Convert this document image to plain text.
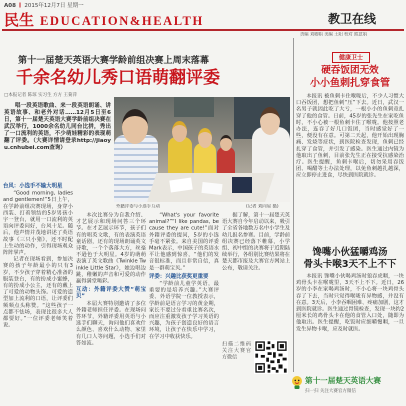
A08 2015年12月7日 星期一
民生 EDUCATION&HEALTH	教卫在线
责编 刘卿娟 美编 王阳 校对 熊意娟
第十一届楚天英语大赛学龄前组决赛上周末落幕
千余名幼儿秀口语萌翻评委
□本报记者 陈琼 实习生 方方 王菊萍

唱一段英语歌曲、来一段英语朗诵、讲英语故事、和老外对话……12月5日至6日，第十一届楚天英语大赛学龄前组决赛在武汉举行，1000余名幼儿同台比拼，秀出了一口流利的英语，不少萌娃精彩的表现萌翻了评委。（大赛详情请登录http://jiaoyu.cnhubei.com查询）

外籍评委与小选手互动	(记者 刘向星 摄)
台风：小选手不输大明星

“Good morning, ladies and gentlemen!”5日上午，在学龄前组决赛现场，身穿小西装、打着领结的5岁男孩小宇一登台，就用一口流利的英语向评委问好，台风十足。随后，他声情并茂地讲述了英语故事《三只小猪》，还不时配上生动的动作，引得现场观众阵阵掌声。

记者在现场看到，参加决赛的孩子年龄最小的只有3岁，不少孩子穿着精心准备的服装登台，有的扮成小蜜蜂，有的扮成小公主，还有的戴上了可爱的动物头饰。可爱的造型加上流利的口语，让评委们频频点头称赞。“这些孩子一点都不怯场，表现比很多大人都要好。”一位评委老师笑着说。

本次比赛分为自我介绍、才艺展示和现场问答三个环节。在才艺展示环节，孩子们有的唱英文歌，有的表演英语童话剧，还有的现场朗诵英文诗歌，一个个落落大方，丝毫不逊色于大明星。4岁的萌萌表演了英文歌曲《Twinkle Twinkle Little Star》，她边唱边跳，稚嫩的声音和可爱的动作赢得满堂喝彩。

互动：外籍评委大赞“萌宝贝”

本届大赛特别邀请了多位外籍老师担任评委。在现场问答环节，外籍评委用英语与小选手们聊天，询问他们喜欢什么颜色、喜欢什么动物、家里有几口人等问题，小选手们对答如流。

“What's your favorite animal?”“I like pandas, because they are cute!”面对外籍评委的提问，5岁的小选手毫不紧张。来自美国的评委Mark表示，中国孩子的英语水平让他感到惊喜，“他们的发音很标准，而且非常自信，真是一群萌宝贝。”

评委：兴趣比获奖更重要

“学龄前儿童学英语，最重要的是培养兴趣。”大赛评委、外语学院一位教授表示，学龄前是语言学习的黄金期，家长不要过分看重比赛名次，而应注重激发孩子学习英语的兴趣，为孩子创造良好的语言环境，让孩子在快乐中学习，在学习中收获快乐。

据了解，第十一届楚天英语大赛自今年启动以来，吸引了全省各地数万名中小学生及幼儿报名参赛。目前，学龄前组决赛已经落下帷幕，小学组、初中组的决赛将于近期陆续举行，各组别比赛结果将在楚天都市报及大赛官方网站上公布，敬请关注。

扫描二维码关注大赛官方微信
健康卫士
硬吞饭团无效
小小鱼刺扎穿食管

本报讯 被鱼刺卡住喉咙后，不少人习惯大口吞饭团，想把鱼刺“压”下去。近日，武汉一名男子就因此吃了大亏，一根小小的鱼刺竟扎穿了他的食管。日前，45岁的张先生在家吃鱼时，不小心被一根鱼刺卡住了喉咙。他按照老办法，连吞了好几口饭团，当时感觉好了一些，便没有在意。可第二天起，他开始出现胸痛、发烧等症状，到医院检查发现，鱼刺已经扎穿了食管，并引发了感染。医生通过内镜为他取出了鱼刺，目前张先生正在接受抗感染治疗。医生提醒，鱼刺卡喉后，切勿采用吞饭团、喝醋等土办法处理，以免鱼刺越扎越深，应立即停止进食，尽快到医院就诊。

馋嘴小伙猛嚼鸡汤
骨头卡喉3天不上不下

本报讯 馋嘴小伙喝鸡汤时狼吞虎咽，一块鸡骨头卡在喉咙里，3天不上不下。近日，26岁的小李在家喝鸡汤时，不小心将一块鸡骨头吞了下去，当时只觉得喉咙有异物感，并没有在意。3天后，小李吞咽困难、疼痛加剧，这才到医院就诊。医生通过胃镜检查，发现一块约2厘米长的鸡骨头卡在他的食管入口处，随即为他取出。医生提醒，吃饭时应细嚼慢咽，一旦发生异物卡喉，应及时就医。

第十一届楚天英语大赛
扫一扫 关注大赛官方微信
